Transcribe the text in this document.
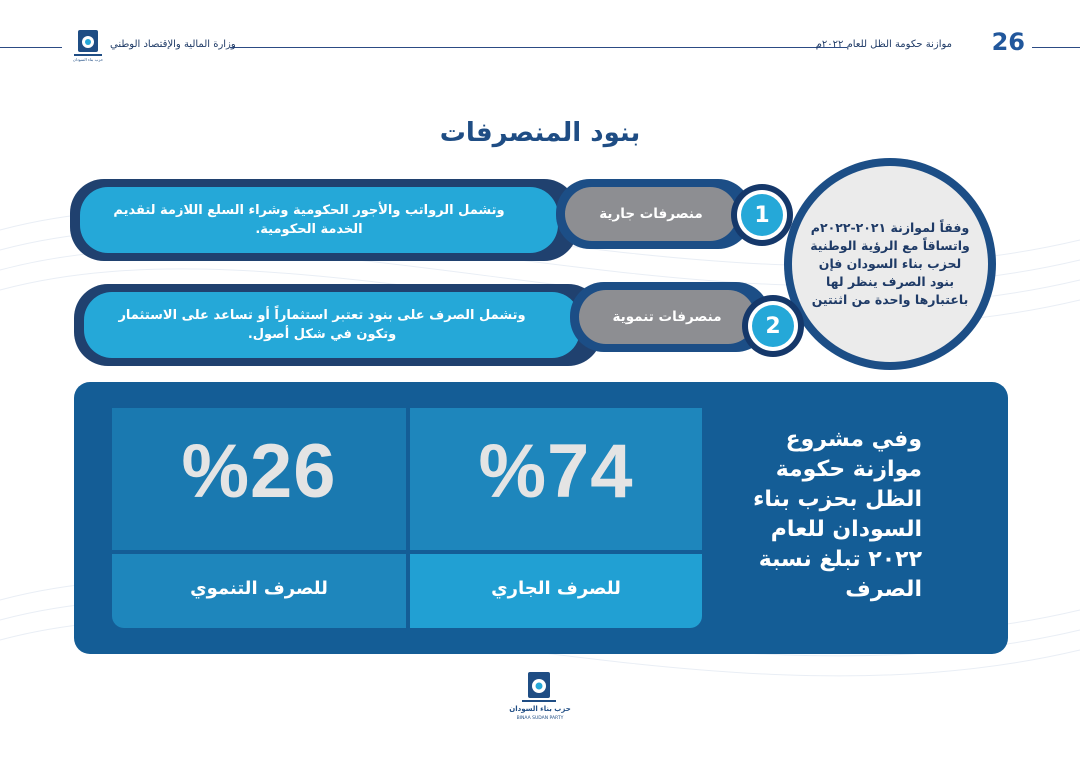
26
موازنة حكومة الظل للعام ٢٠٢٢م
وزارة المالية والإقتصاد الوطني
حزب بناء السودان
بنود المنصرفات
وفقاً لموازنة ٢٠٢١-٢٠٢٢م واتساقاً مع الرؤية الوطنية لحزب بناء السودان فإن بنود الصرف ينظر لها باعتبارها واحدة من اثنتين
وتشمل الرواتب والأجور الحكومية وشراء السلع اللازمة لتقديم الخدمة الحكومية.
منصرفات جارية	1
وتشمل الصرف على بنود تعتبر استثماراً أو تساعد على الاستثمار وتكون في شكل أصول.
منصرفات تنموية	2
%74
%26
للصرف الجاري
للصرف التنموي
وفي مشروع موازنة حكومة الظل بحزب بناء السودان للعام ٢٠٢٢ تبلغ نسبة الصرف
حزب بناء السودان
BINAA SUDAN PARTY
